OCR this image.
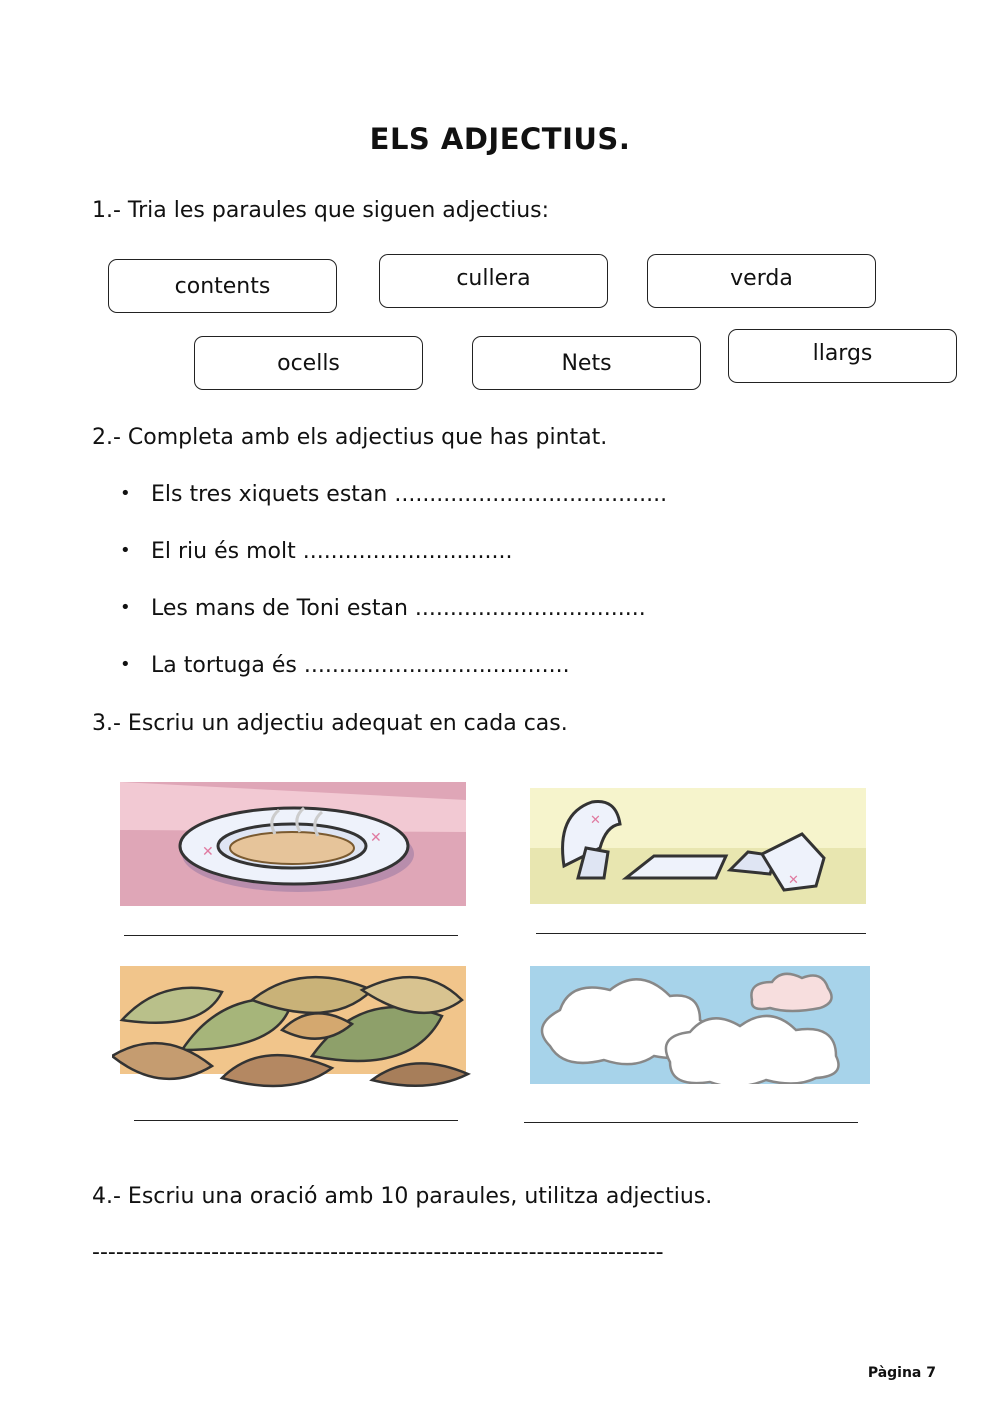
ELS ADJECTIUS.
1.- Tria les paraules que siguen adjectius:
contents	cullera	verda
ocells	Nets	llargs
2.- Completa amb els adjectius que has pintat.
• Els tres xiquets estan .......................................
• El riu és molt ..............................
• Les mans de Toni estan .................................
• La tortuga és ......................................
3.- Escriu un adjectiu adequat en cada cas.
✕
✕
✕
✕
4.- Escriu una oració amb 10 paraules, utilitza adjectius.
------------------------------------------------------------------------
Pàgina 7
